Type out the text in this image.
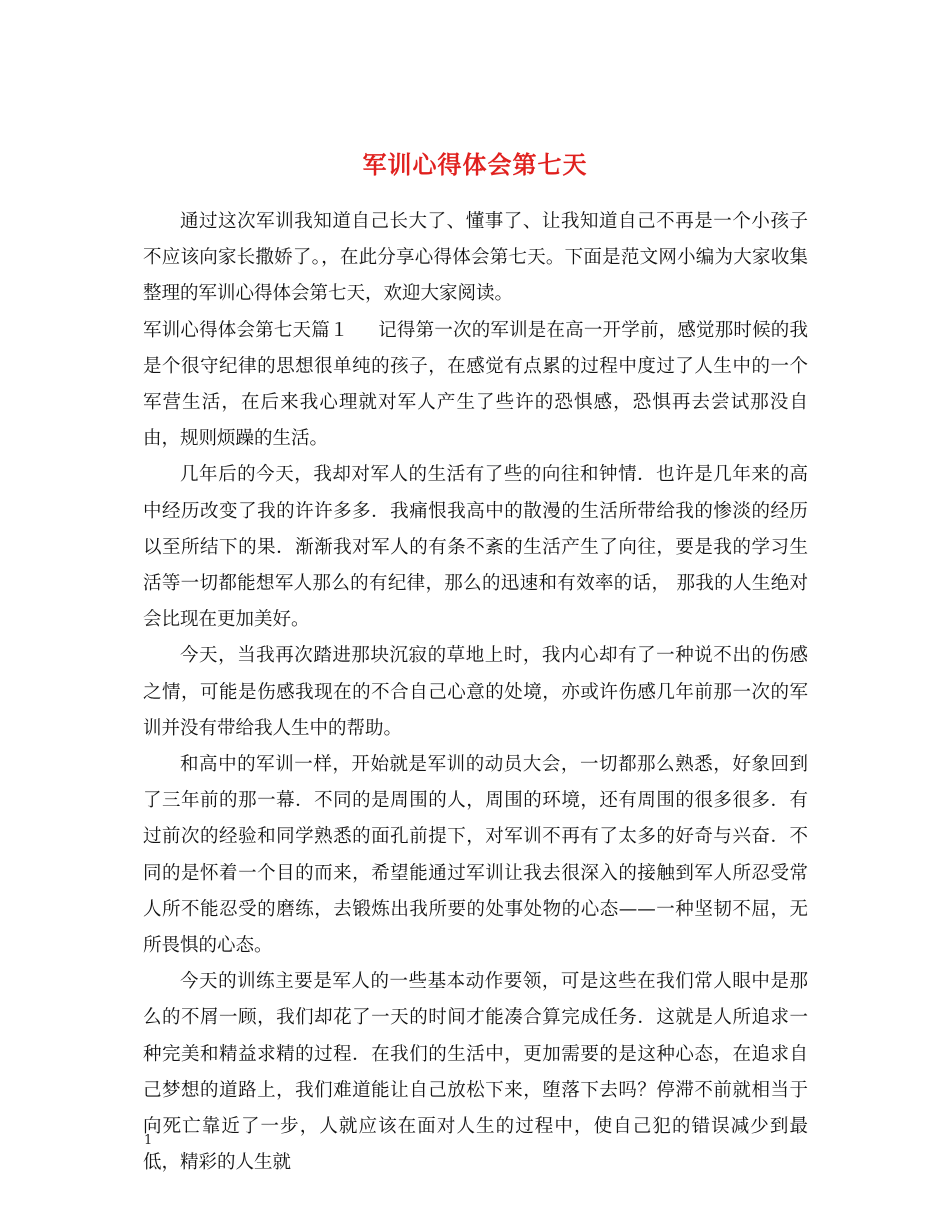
军训心得体会第七天

通过这次军训我知道自己长大了、懂事了、让我知道自己不再是一个小孩子不应该向家长撒娇了。，在此分享心得体会第七天。下面是范文网小编为大家收集整理的军训心得体会第七天，欢迎大家阅读。

军训心得体会第七天篇１ 记得第一次的军训是在高一开学前，感觉那时候的我是个很守纪律的思想很单纯的孩子，在感觉有点累的过程中度过了人生中的一个军营生活，在后来我心理就对军人产生了些许的恐惧感，恐惧再去尝试那没自由，规则烦躁的生活。

几年后的今天，我却对军人的生活有了些的向往和钟情．也许是几年来的高中经历改变了我的许许多多．我痛恨我高中的散漫的生活所带给我的惨淡的经历以至所结下的果．渐渐我对军人的有条不紊的生活产生了向往，要是我的学习生活等一切都能想军人那么的有纪律，那么的迅速和有效率的话， 那我的人生绝对会比现在更加美好。

今天，当我再次踏进那块沉寂的草地上时，我内心却有了一种说不出的伤感之情，可能是伤感我现在的不合自己心意的处境，亦或许伤感几年前那一次的军训并没有带给我人生中的帮助。

和高中的军训一样，开始就是军训的动员大会，一切都那么熟悉，好象回到了三年前的那一幕．不同的是周围的人，周围的环境，还有周围的很多很多．有过前次的经验和同学熟悉的面孔前提下，对军训不再有了太多的好奇与兴奋．不同的是怀着一个目的而来，希望能通过军训让我去很深入的接触到军人所忍受常人所不能忍受的磨练，去锻炼出我所要的处事处物的心态——一种坚韧不屈，无所畏惧的心态。

今天的训练主要是军人的一些基本动作要领，可是这些在我们常人眼中是那么的不屑一顾，我们却花了一天的时间才能凑合算完成任务．这就是人所追求一种完美和精益求精的过程．在我们的生活中，更加需要的是这种心态，在追求自己梦想的道路上，我们难道能让自己放松下来，堕落下去吗？停滞不前就相当于向死亡靠近了一步，人就应该在面对人生的过程中，使自己犯的错误减少到最低，精彩的人生就

1
